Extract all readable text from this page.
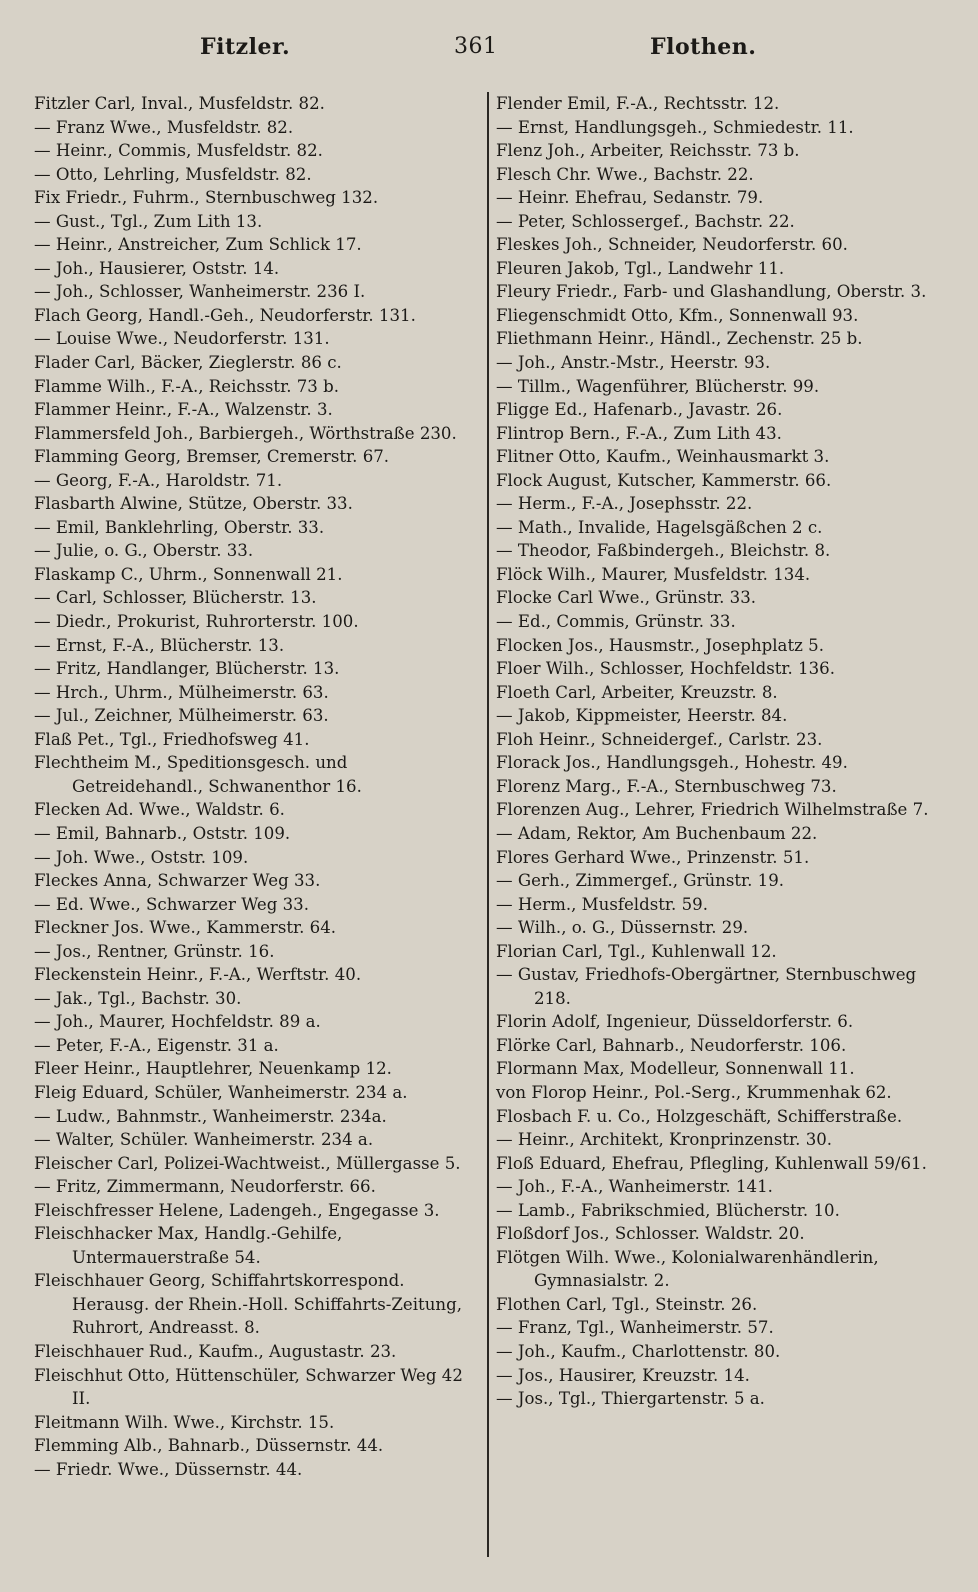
Fitzler.	361	Flothen.
Fitzler Carl, Inval., Musfeldstr. 82.
— Franz Wwe., Musfeldstr. 82.
— Heinr., Commis, Musfeldstr. 82.
— Otto, Lehrling, Musfeldstr. 82.
Fix Friedr., Fuhrm., Sternbuschweg 132.
— Gust., Tgl., Zum Lith 13.
— Heinr., Anstreicher, Zum Schlick 17.
— Joh., Hausierer, Oststr. 14.
— Joh., Schlosser, Wanheimerstr. 236 I.
Flach Georg, Handl.-Geh., Neudorferstr. 131.
— Louise Wwe., Neudorferstr. 131.
Flader Carl, Bäcker, Zieglerstr. 86 c.
Flamme Wilh., F.-A., Reichsstr. 73 b.
Flammer Heinr., F.-A., Walzenstr. 3.
Flammersfeld Joh., Barbiergeh., Wörthstraße 230.
Flamming Georg, Bremser, Cremerstr. 67.
— Georg, F.-A., Haroldstr. 71.
Flasbarth Alwine, Stütze, Oberstr. 33.
— Emil, Banklehrling, Oberstr. 33.
— Julie, o. G., Oberstr. 33.
Flaskamp C., Uhrm., Sonnenwall 21.
— Carl, Schlosser, Blücherstr. 13.
— Diedr., Prokurist, Ruhrorterstr. 100.
— Ernst, F.-A., Blücherstr. 13.
— Fritz, Handlanger, Blücherstr. 13.
— Hrch., Uhrm., Mülheimerstr. 63.
— Jul., Zeichner, Mülheimerstr. 63.
Flaß Pet., Tgl., Friedhofsweg 41.
Flechtheim M., Speditionsgesch. und Getreidehandl., Schwanenthor 16.
Flecken Ad. Wwe., Waldstr. 6.
— Emil, Bahnarb., Oststr. 109.
— Joh. Wwe., Oststr. 109.
Fleckes Anna, Schwarzer Weg 33.
— Ed. Wwe., Schwarzer Weg 33.
Fleckner Jos. Wwe., Kammerstr. 64.
— Jos., Rentner, Grünstr. 16.
Fleckenstein Heinr., F.-A., Werftstr. 40.
— Jak., Tgl., Bachstr. 30.
— Joh., Maurer, Hochfeldstr. 89 a.
— Peter, F.-A., Eigenstr. 31 a.
Fleer Heinr., Hauptlehrer, Neuenkamp 12.
Fleig Eduard, Schüler, Wanheimerstr. 234 a.
— Ludw., Bahnmstr., Wanheimerstr. 234a.
— Walter, Schüler. Wanheimerstr. 234 a.
Fleischer Carl, Polizei-Wachtweist., Müllergasse 5.
— Fritz, Zimmermann, Neudorferstr. 66.
Fleischfresser Helene, Ladengeh., Engegasse 3.
Fleischhacker Max, Handlg.-Gehilfe, Untermauerstraße 54.
Fleischhauer Georg, Schiffahrtskorrespond. Herausg. der Rhein.-Holl. Schiffahrts-Zeitung, Ruhrort, Andreasst. 8.
Fleischhauer Rud., Kaufm., Augustastr. 23.
Fleischhut Otto, Hüttenschüler, Schwarzer Weg 42 II.
Fleitmann Wilh. Wwe., Kirchstr. 15.
Flemming Alb., Bahnarb., Düssernstr. 44.
— Friedr. Wwe., Düssernstr. 44.
Flender Emil, F.-A., Rechtsstr. 12.
— Ernst, Handlungsgeh., Schmiedestr. 11.
Flenz Joh., Arbeiter, Reichsstr. 73 b.
Flesch Chr. Wwe., Bachstr. 22.
— Heinr. Ehefrau, Sedanstr. 79.
— Peter, Schlossergef., Bachstr. 22.
Fleskes Joh., Schneider, Neudorferstr. 60.
Fleuren Jakob, Tgl., Landwehr 11.
Fleury Friedr., Farb- und Glashandlung, Oberstr. 3.
Fliegenschmidt Otto, Kfm., Sonnenwall 93.
Fliethmann Heinr., Händl., Zechenstr. 25 b.
— Joh., Anstr.-Mstr., Heerstr. 93.
— Tillm., Wagenführer, Blücherstr. 99.
Fligge Ed., Hafenarb., Javastr. 26.
Flintrop Bern., F.-A., Zum Lith 43.
Flitner Otto, Kaufm., Weinhausmarkt 3.
Flock August, Kutscher, Kammerstr. 66.
— Herm., F.-A., Josephsstr. 22.
— Math., Invalide, Hagelsgäßchen 2 c.
— Theodor, Faßbindergeh., Bleichstr. 8.
Flöck Wilh., Maurer, Musfeldstr. 134.
Flocke Carl Wwe., Grünstr. 33.
— Ed., Commis, Grünstr. 33.
Flocken Jos., Hausmstr., Josephplatz 5.
Floer Wilh., Schlosser, Hochfeldstr. 136.
Floeth Carl, Arbeiter, Kreuzstr. 8.
— Jakob, Kippmeister, Heerstr. 84.
Floh Heinr., Schneidergef., Carlstr. 23.
Florack Jos., Handlungsgeh., Hohestr. 49.
Florenz Marg., F.-A., Sternbuschweg 73.
Florenzen Aug., Lehrer, Friedrich Wilhelmstraße 7.
— Adam, Rektor, Am Buchenbaum 22.
Flores Gerhard Wwe., Prinzenstr. 51.
— Gerh., Zimmergef., Grünstr. 19.
— Herm., Musfeldstr. 59.
— Wilh., o. G., Düssernstr. 29.
Florian Carl, Tgl., Kuhlenwall 12.
— Gustav, Friedhofs-Obergärtner, Sternbuschweg 218.
Florin Adolf, Ingenieur, Düsseldorferstr. 6.
Flörke Carl, Bahnarb., Neudorferstr. 106.
Flormann Max, Modelleur, Sonnenwall 11.
von Florop Heinr., Pol.-Serg., Krummenhak 62.
Flosbach F. u. Co., Holzgeschäft, Schifferstraße.
— Heinr., Architekt, Kronprinzenstr. 30.
Floß Eduard, Ehefrau, Pflegling, Kuhlenwall 59/61.
— Joh., F.-A., Wanheimerstr. 141.
— Lamb., Fabrikschmied, Blücherstr. 10.
Floßdorf Jos., Schlosser. Waldstr. 20.
Flötgen Wilh. Wwe., Kolonialwarenhändlerin, Gymnasialstr. 2.
Flothen Carl, Tgl., Steinstr. 26.
— Franz, Tgl., Wanheimerstr. 57.
— Joh., Kaufm., Charlottenstr. 80.
— Jos., Hausirer, Kreuzstr. 14.
— Jos., Tgl., Thiergartenstr. 5 a.
